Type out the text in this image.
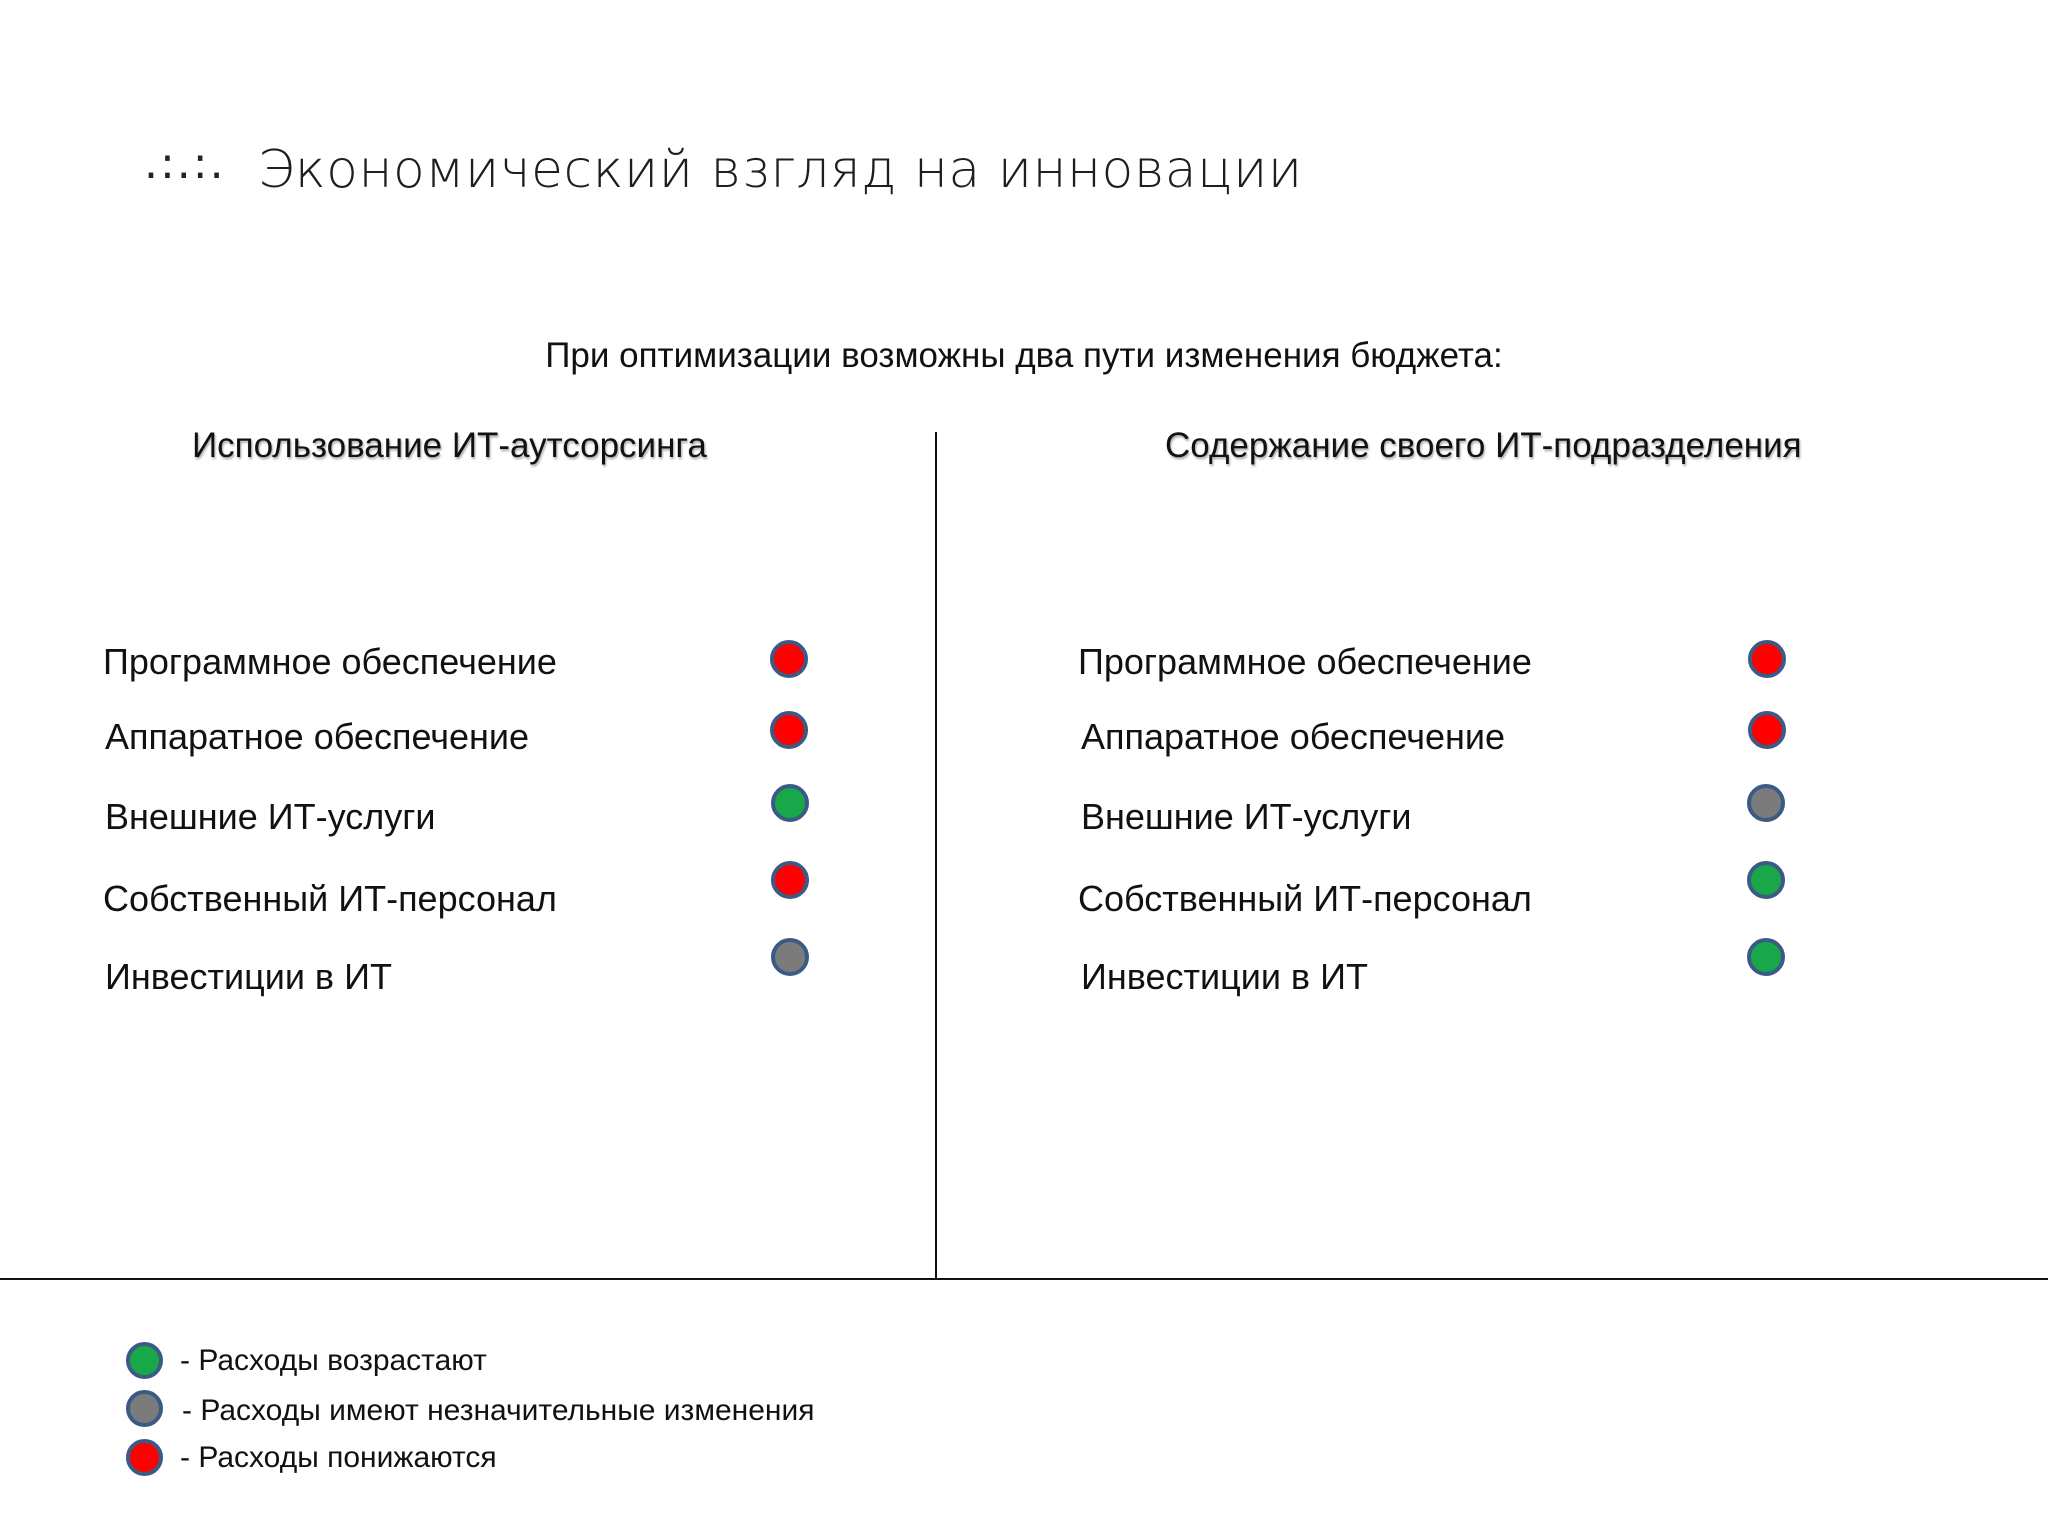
.:.:. Экономический взгляд на инновации
При оптимизации возможны два пути изменения бюджета:
Использование ИТ-аутсорсинга	Содержание своего ИТ-подразделения
Программное обеспечение
Аппаратное обеспечение
Внешние ИТ-услуги
Собственный ИТ-персонал
Инвестиции в ИТ
Программное обеспечение
Аппаратное обеспечение
Внешние ИТ-услуги
Собственный ИТ-персонал
Инвестиции в ИТ
- Расходы возрастают
- Расходы имеют незначительные изменения
- Расходы понижаются
